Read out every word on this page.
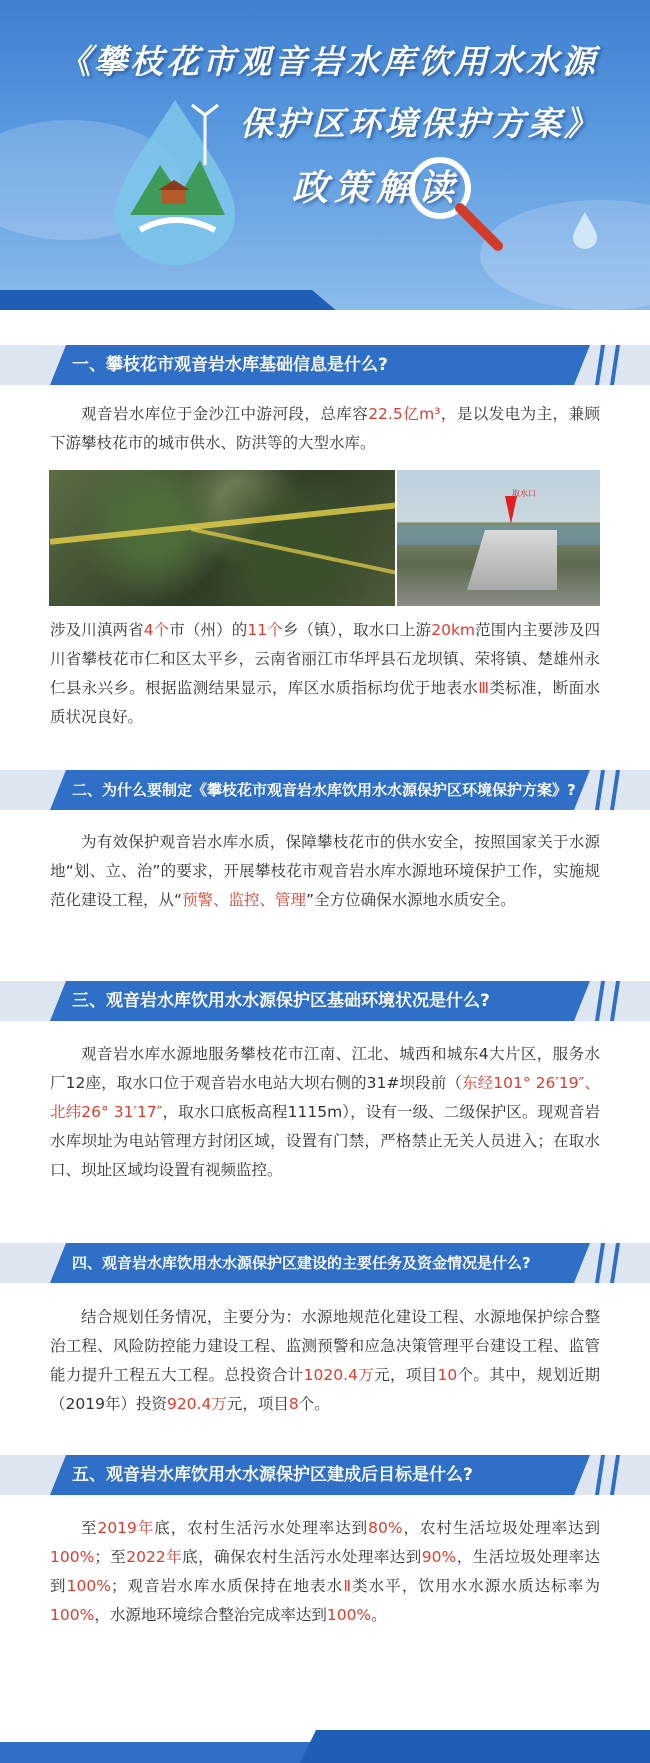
《攀枝花市观音岩水库饮用水水源
保护区环境保护方案》
政策解读
一、攀枝花市观音岩水库基础信息是什么?
观音岩水库位于金沙江中游河段，总库容22.5亿m³，是以发电为主，兼顾下游攀枝花市的城市供水、防洪等的大型水库。
取水口
涉及川滇两省4个市（州）的11个乡（镇），取水口上游20km范围内主要涉及四川省攀枝花市仁和区太平乡，云南省丽江市华坪县石龙坝镇、荣将镇、楚雄州永仁县永兴乡。根据监测结果显示，库区水质指标均优于地表水Ⅲ类标准，断面水质状况良好。
二、为什么要制定《攀枝花市观音岩水库饮用水水源保护区环境保护方案》?
为有效保护观音岩水库水质，保障攀枝花市的供水安全，按照国家关于水源地“划、立、治”的要求，开展攀枝花市观音岩水库水源地环境保护工作，实施规范化建设工程，从“预警、监控、管理”全方位确保水源地水质安全。
三、观音岩水库饮用水水源保护区基础环境状况是什么?
观音岩水库水源地服务攀枝花市江南、江北、城西和城东4大片区，服务水厂12座，取水口位于观音岩水电站大坝右侧的31#坝段前（东经101° 26′19″、北纬26° 31′17″，取水口底板高程1115m），设有一级、二级保护区。现观音岩水库坝址为电站管理方封闭区域，设置有门禁，严格禁止无关人员进入；在取水口、坝址区域均设置有视频监控。
四、观音岩水库饮用水水源保护区建设的主要任务及资金情况是什么?
结合规划任务情况，主要分为：水源地规范化建设工程、水源地保护综合整治工程、风险防控能力建设工程、监测预警和应急决策管理平台建设工程、监管能力提升工程五大工程。总投资合计1020.4万元，项目10个。其中，规划近期（2019年）投资920.4万元，项目8个。
五、观音岩水库饮用水水源保护区建成后目标是什么?
至2019年底，农村生活污水处理率达到80%，农村生活垃圾处理率达到100%；至2022年底，确保农村生活污水处理率达到90%，生活垃圾处理率达到100%；观音岩水库水质保持在地表水Ⅱ类水平，饮用水水源水质达标率为100%，水源地环境综合整治完成率达到100%。
